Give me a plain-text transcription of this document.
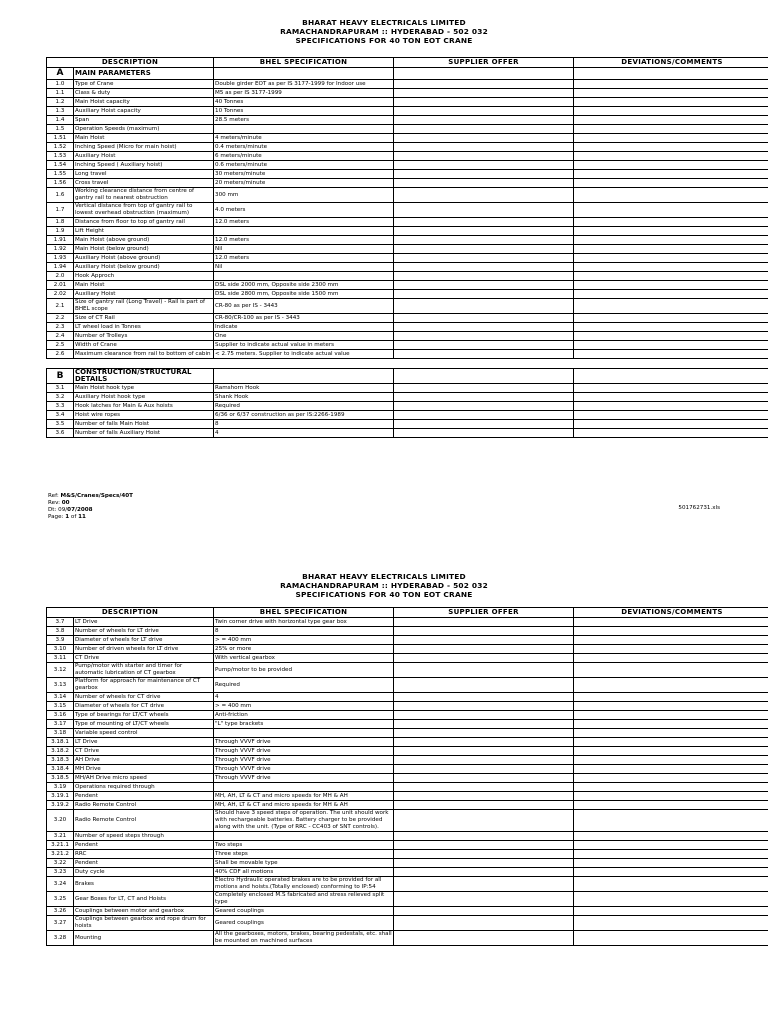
BHARAT HEAVY ELECTRICALS LIMITED
RAMACHANDRAPURAM :: HYDERABAD - 502 032
SPECIFICATIONS FOR 40 TON EOT CRANE
DESCRIPTION		BHEL SPECIFICATION	SUPPLIER OFFER	DEVIATIONS/COMMENTS
A	MAIN PARAMETERS			
1.0	Type of Crane	Double girder EOT as per IS 3177-1999 for Indoor use		
1.1	Class & duty	M5 as per IS 3177-1999		
1.2	Main Hoist capacity	40 Tonnes		
1.3	Auxiliary Hoist capacity	10 Tonnes		
1.4	Span	28.5 meters		
1.5	Operation Speeds (maximum)			
1.51	Main Hoist	4 meters/minute		
1.52	Inching Speed (Micro for main hoist)	0.4 meters/minute		
1.53	Auxiliary Hoist	6 meters/minute		
1.54	Inching Speed ( Auxiliary hoist)	0.6 meters/minute		
1.55	Long travel	30 meters/minute		
1.56	Cross travel	20 meters/minute		
1.6	Working clearance distance from centre of gantry rail to nearest obstruction	300 mm		
1.7	Vertical distance from top of gantry rail to lowest overhead obstruction (maximum)	4.0 meters		
1.8	Distance from floor to top of gantry rail	12.0 meters		
1.9	Lift Height			
1.91	Main Hoist (above ground)	12.0 meters		
1.92	Main Hoist (below ground)	Nil		
1.93	Auxiliary Hoist (above ground)	12.0 meters		
1.94	Auxiliary Hoist (below ground)	Nil		
2.0	Hook Approch			
2.01	Main Hoist	DSL side 2000 mm, Opposite side 2300 mm		
2.02	Auxiliary Hoist	DSL side 2800 mm, Opposite side 1500 mm		
2.1	Size of gantry rail (Long Travel) - Rail is part of BHEL scope	CR-80 as per IS - 3443		
2.2	Size of CT Rail	CR-80/CR-100 as per IS - 3443		
2.3	LT wheel load in Tonnes	Indicate		
2.4	Number of Trolleys	One		
2.5	Width of Crane	Supplier to indicate actual value in meters		
2.6	Maximum clearance from rail to bottom of cabin	< 2.75 meters. Supplier to indicate actual value		

B	CONSTRUCTION/STRUCTURAL DETAILS			
3.1	Main Hoist hook type	Ramshorn Hook		
3.2	Auxiliary Hoist hook type	Shank Hook		
3.3	Hook latches for Main & Aux hoists	Required		
3.4	Hoist wire ropes	6/36 or 6/37 construction as per IS:2266-1989		
3.5	Number of falls Main Hoist	8		
3.6	Number of falls Auxiliary Hoist	4		
Ref: M&S/Cranes/Specs/40T
Rev: 00
Dt: 09/07/2008
Page: 1 of 11
501762731.xls
BHARAT HEAVY ELECTRICALS LIMITED
RAMACHANDRAPURAM :: HYDERABAD - 502 032
SPECIFICATIONS FOR 40 TON EOT CRANE
DESCRIPTION		BHEL SPECIFICATION	SUPPLIER OFFER	DEVIATIONS/COMMENTS
3.7	LT Drive	Twin corner drive with horizontal type gear box		
3.8	Number of wheels for LT drive	8		
3.9	Diameter of wheels for LT drive	> = 400 mm		
3.10	Number of driven wheels for LT drive	25% or more		
3.11	CT Drive	With vertical gearbox		
3.12	Pump/motor with starter and timer for automatic lubrication of CT gearbox	Pump/motor to be provided		
3.13	Platform for approach for maintenance of CT gearbox	Required		
3.14	Number of wheels for CT drive	4		
3.15	Diameter of wheels for CT drive	> = 400 mm		
3.16	Type of bearings for LT/CT wheels	Anti-friction		
3.17	Type of mounting of LT/CT wheels	"L" type brackets		
3.18	Variable speed control			
3.18.1	LT Drive	Through VVVF drive		
3.18.2	CT Drive	Through VVVF drive		
3.18.3	AH Drive	Through VVVF drive		
3.18.4	MH Drive	Through VVVF drive		
3.18.5	MH/AH Drive micro speed	Through VVVF drive		
3.19	Operations required through			
3.19.1	Pendent	MH, AH, LT & CT and micro speeds for MH & AH		
3.19.2	Radio Remote Control	MH, AH, LT & CT and micro speeds for MH & AH		
3.20	Radio Remote Control	Should have 3 speed steps of operation. The unit should work with rechargeable batteries. Battery charger to be provided along with the unit. (Type of RRC - CC403 of SNT controls).		
3.21	Number of speed steps through			
3.21.1	Pendent	Two steps		
3.21.2	RRC	Three steps		
3.22	Pendent	Shall be movable type		
3.23	Duty cycle	40% CDF all motions		
3.24	Brakes	Electro Hydraulic operated brakes are to be provided for all motions and hoists.(Totally enclosed) conforming to IP:54		
3.25	Gear Boxes for LT, CT and Hoists	Completely enclosed M.S fabricated and stress relieved split type		
3.26	Couplings between motor and gearbox	Geared couplings		
3.27	Couplings between gearbox and rope drum for hoists	Geared couplings		
3.28	Mounting	All the gearboxes, motors, brakes, bearing pedestals, etc. shall be mounted on machined surfaces		
